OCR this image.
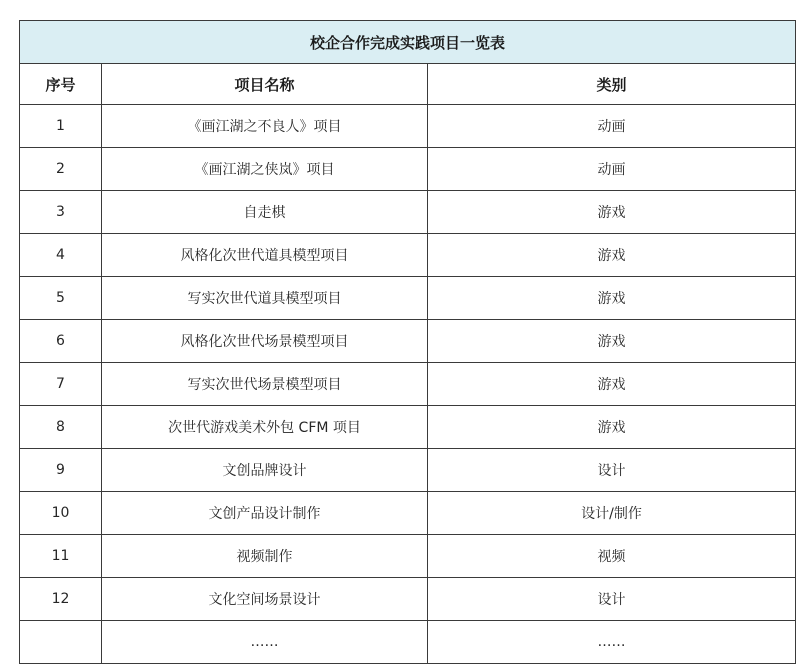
校企合作完成实践项目一览表		
序号	项目名称	类别
1	《画江湖之不良人》项目	动画
2	《画江湖之侠岚》项目	动画
3	自走棋	游戏
4	风格化次世代道具模型项目	游戏
5	写实次世代道具模型项目	游戏
6	风格化次世代场景模型项目	游戏
7	写实次世代场景模型项目	游戏
8	次世代游戏美术外包 CFM 项目	游戏
9	文创品牌设计	设计
10	文创产品设计制作	设计/制作
11	视频制作	视频
12	文化空间场景设计	设计
	……	……
